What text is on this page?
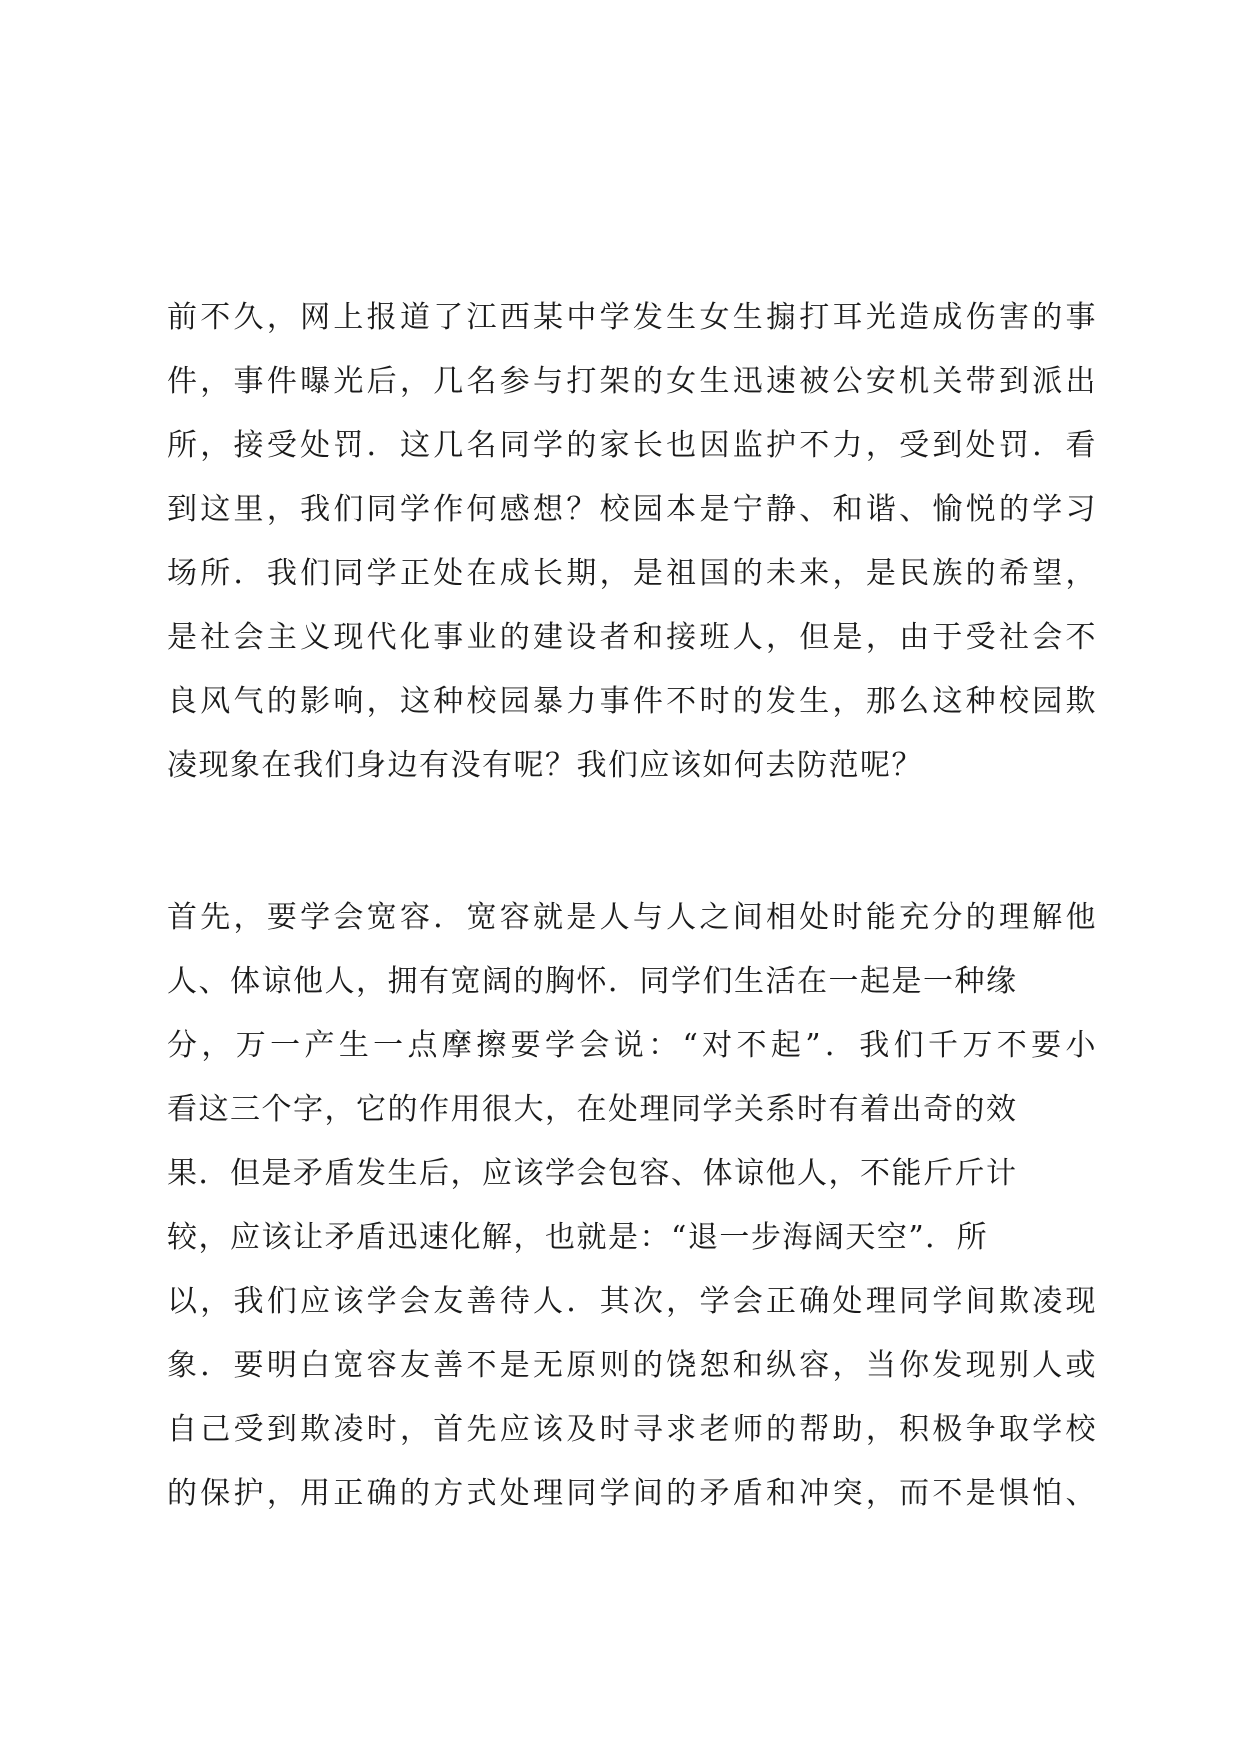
前不久，网上报道了江西某中学发生女生搧打耳光造成伤害的事
件，事件曝光后，几名参与打架的女生迅速被公安机关带到派出
所，接受处罚．这几名同学的家长也因监护不力，受到处罚．看
到这里，我们同学作何感想？校园本是宁静、和谐、愉悦的学习
场所．我们同学正处在成长期，是祖国的未来，是民族的希望，
是社会主义现代化事业的建设者和接班人，但是，由于受社会不
良风气的影响，这种校园暴力事件不时的发生，那么这种校园欺
凌现象在我们身边有没有呢？我们应该如何去防范呢？
首先，要学会宽容．宽容就是人与人之间相处时能充分的理解他
人、体谅他人，拥有宽阔的胸怀．同学们生活在一起是一种缘
分，万一产生一点摩擦要学会说：“对不起”．我们千万不要小
看这三个字，它的作用很大，在处理同学关系时有着出奇的效
果．但是矛盾发生后，应该学会包容、体谅他人，不能斤斤计
较，应该让矛盾迅速化解，也就是：“退一步海阔天空”．所
以，我们应该学会友善待人．其次，学会正确处理同学间欺凌现
象．要明白宽容友善不是无原则的饶恕和纵容，当你发现别人或
自己受到欺凌时，首先应该及时寻求老师的帮助，积极争取学校
的保护，用正确的方式处理同学间的矛盾和冲突，而不是惧怕、
